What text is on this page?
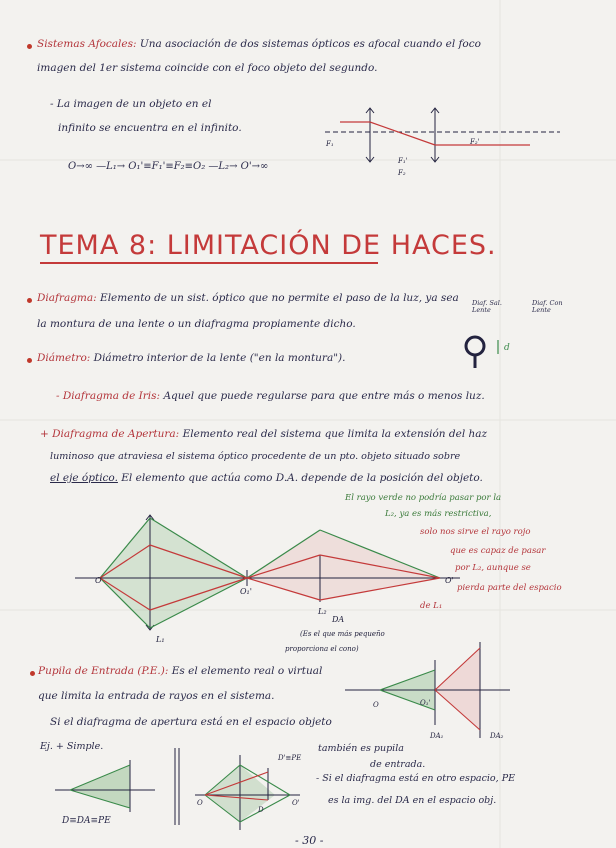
Sistemas Afocales: Una asociación de dos sistemas ópticos es afocal cuando el foco
imagen del 1er sistema coincide con el foco objeto del segundo.
- La imagen de un objeto en el
infinito se encuentra en el infinito.
O→∞ —L₁→ O₁'≡F₁'≡F₂≡O₂ —L₂→ O'→∞
F₁
F₁'
F₂
F₂'
TEMA 8: LIMITACIÓN DE HACES.
Diafragma: Elemento de un sist. óptico que no permite el paso de la luz, ya sea
la montura de una lente o un diafragma propiamente dicho.
Diaf. Sal. Lente
Diaf. Con Lente
Diámetro: Diámetro interior de la lente ("en la montura").
d
- Diafragma de Iris: Aquel que puede regularse para que entre más o menos luz.
+ Diafragma de Apertura: Elemento real del sistema que limita la extensión del haz
luminoso que atraviesa el sistema óptico procedente de un pto. objeto situado sobre
el eje óptico. El elemento que actúa como D.A. depende de la posición del objeto.
El rayo verde no podría pasar por la
L₂, ya es más restrictiva,
solo nos sirve el rayo rojo
que es capaz de pasar
por L₂, aunque se
pierda parte del espacio
de L₁
O
O₁'
O'
L₁
L₂
DA
(Es el que más pequeño
proporciona el cono)
Pupila de Entrada (P.E.): Es el elemento real o virtual
que limita la entrada de rayos en el sistema.
Si el diafragma de apertura está en el espacio objeto
también es pupila
de entrada.
Ej. + Simple.
- Si el diafragma está en otro espacio, PE
es la img. del DA en el espacio obj.
D≡DA≡PE
O	O₁'
DA₁	DA₂
O
D'≡PE
D
O'
- 30 -
